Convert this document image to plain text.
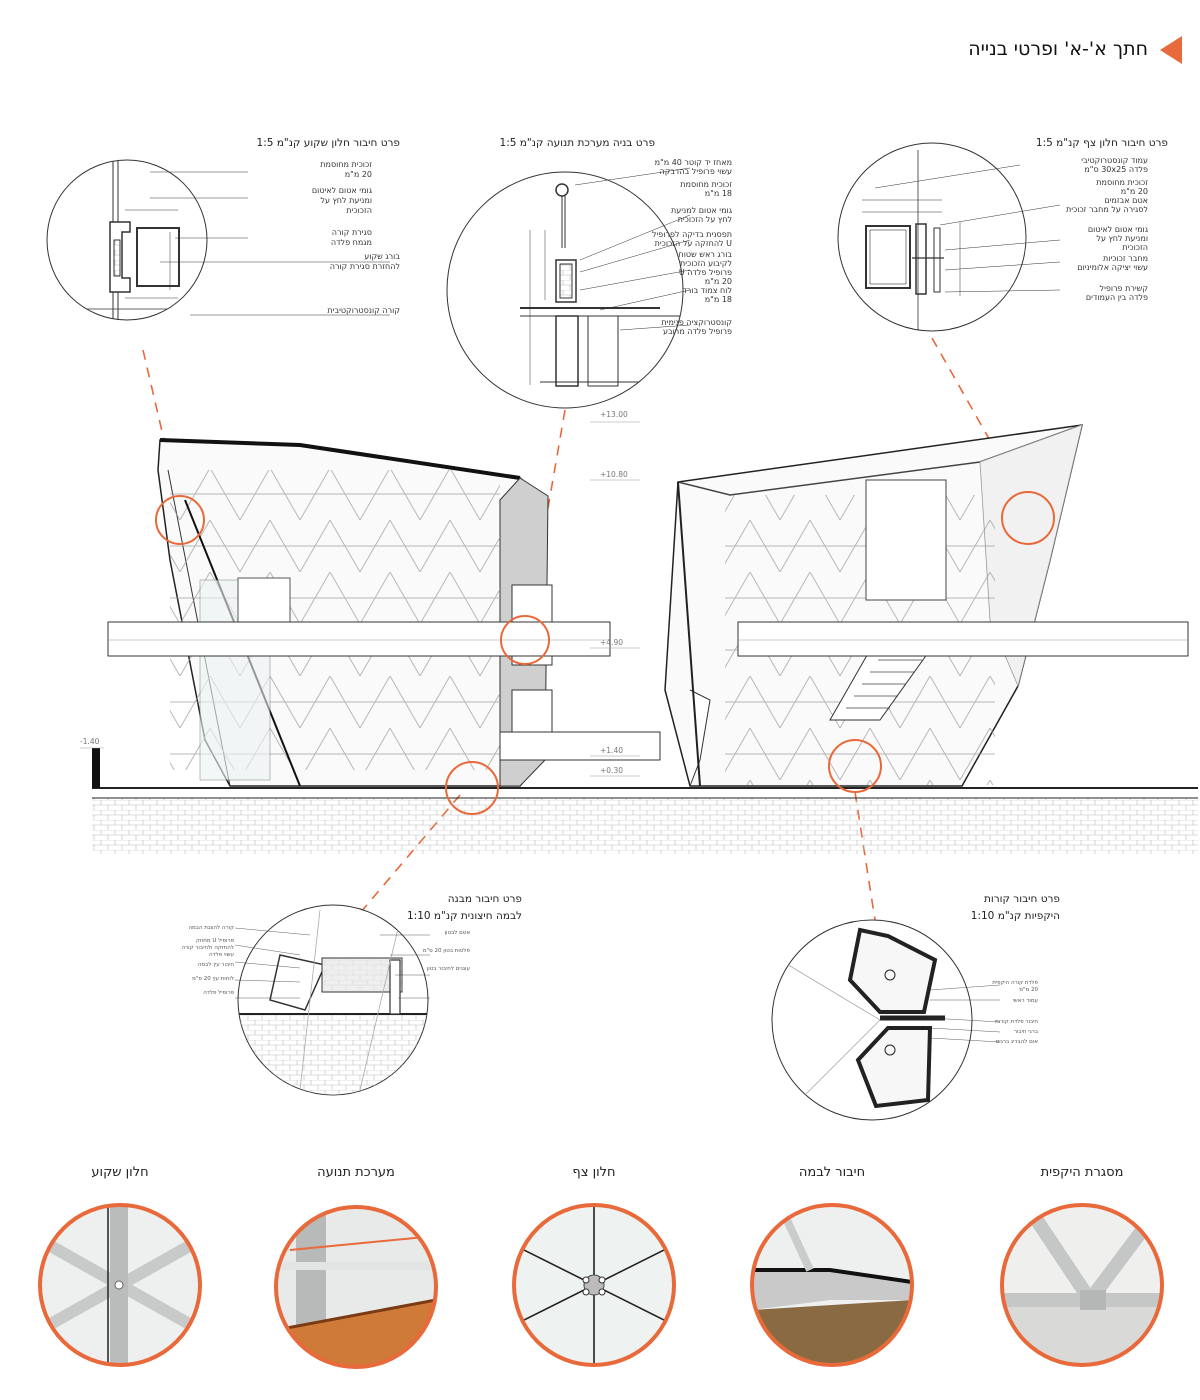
חתך א'-א' ופרטי בנייה
+13.00
+10.80
+4.90
+1.40
+0.30
-1.40
פרט חיבור חלון שקוע קנ"מ 1:5
זכוכית מחוסמת
20 מ"מ
גומי אטום לאיטום
ומניעת לחץ על
הזכוכית
סגירת קורה
מגמח פלדה
בורג שקוע
להחזרת סגירת קורה
קורה קונסטרוקטיבית
פרט בניה מערכת תנועה קנ"מ 1:5
מאחז יד קוטר 40 מ"מ
עשוי פרופיל בהדבקה
זכוכית מחוסמת
18 מ"מ
גומי אטום למניעת
לחץ על הזכוכית
תפסנית בדיקה לפרופיל
U להחזקה על הזכוכית
בורג ראש שטוח
לקיבוע הזכוכית
פרופיל פלדה U
20 מ"מ
לוח צמוד בורד
18 מ"מ
קונסטרוקציה פנימית
פרופיל פלדה מרובע
פרט חיבור חלון צף קנ"מ 1:5
עמוד קונסטרוקטיבי
פלדה 30x25 ס"מ
זכוכית מחוסמת
20 מ"מ
אטם אבזמים
לסגירה על מחבר זכוכית
גומי אטום לאיטום
ומניעת לחץ על
הזכוכית
מחבר זכוכיות
עשוי יציקה אלומיניום
קשירת פרופיל
פלדה בין העמודים
פרט חיבור מבנה
לבמה חיצונית קנ"מ 1:10
קורה להצגת הבמה
פרופיל U מחוזק
להחזקה ולחיבור קורה
עשוי פלדה
חיבור עץ לבמה
לוחות עץ 20 ס"מ
פרופיל פלדה
אטם לבטון
פלטות בטון 20 ס"מ
עוגנים לחיבור בטון
פרט חיבור קורות
היקפיות קנ"מ 1:10
פלדת קורה היקפית
20 מ"מ
עמוד ראשי
חיבור פלדת קורות
ברגי חיבור
אום להבריג ברגים
חלון שקוע	מערכת תנועה	חלון צף	חיבור לבמה	מסגרת היקפית
